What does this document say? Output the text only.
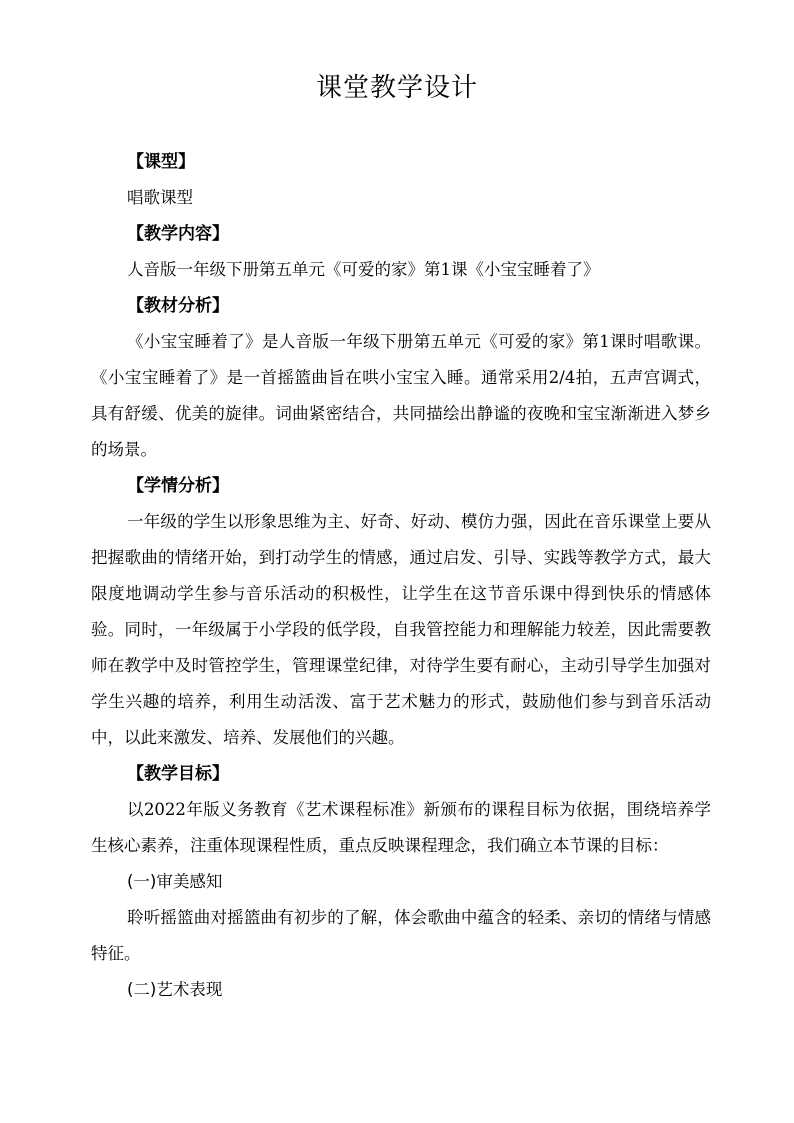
课堂教学设计
【课型】
唱歌课型
【教学内容】
人音版一年级下册第五单元《可爱的家》第1课《小宝宝睡着了》
【教材分析】

《小宝宝睡着了》是人音版一年级下册第五单元《可爱的家》第1课时唱歌课。《小宝宝睡着了》是一首摇篮曲旨在哄小宝宝入睡。通常采用2/4拍，五声宫调式，具有舒缓、优美的旋律。词曲紧密结合，共同描绘出静谧的夜晚和宝宝渐渐进入梦乡的场景。

【学情分析】

一年级的学生以形象思维为主、好奇、好动、模仿力强，因此在音乐课堂上要从把握歌曲的情绪开始，到打动学生的情感，通过启发、引导、实践等教学方式，最大限度地调动学生参与音乐活动的积极性，让学生在这节音乐课中得到快乐的情感体验。同时，一年级属于小学段的低学段，自我管控能力和理解能力较差，因此需要教师在教学中及时管控学生，管理课堂纪律，对待学生要有耐心，主动引导学生加强对学生兴趣的培养，利用生动活泼、富于艺术魅力的形式，鼓励他们参与到音乐活动中，以此来激发、培养、发展他们的兴趣。

【教学目标】

以2022年版义务教育《艺术课程标准》新颁布的课程目标为依据，围绕培养学生核心素养，注重体现课程性质，重点反映课程理念，我们确立本节课的目标：

(一)审美感知

聆听摇篮曲对摇篮曲有初步的了解，体会歌曲中蕴含的轻柔、亲切的情绪与情感特征。

(二)艺术表现
